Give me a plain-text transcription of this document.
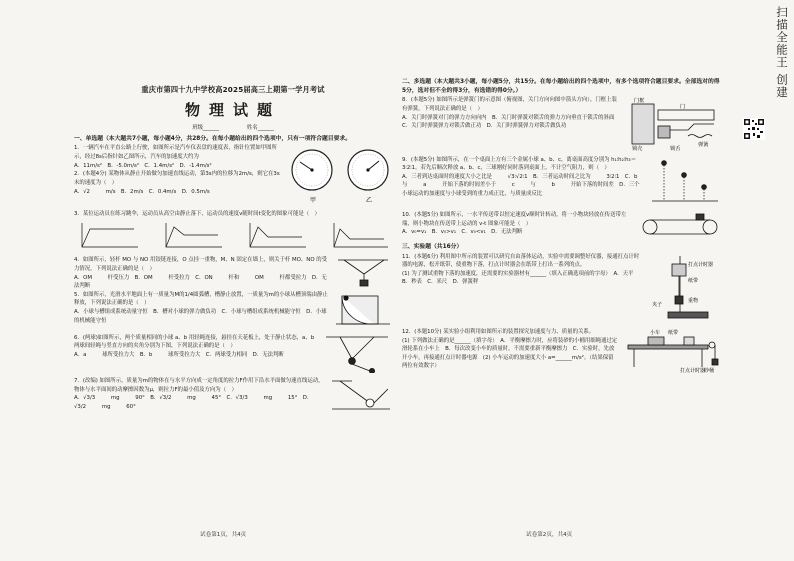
重庆市第四十九中学校高2025届高三上期第一学月考试
物理试题
班级______ 姓名______
一、单选题（本大题共7小题，每小题4分，共28分。在每小题给出的四个选项中，只有一项符合题目要求。

1．一辆汽车在平直公路上行驶，如图所示是汽车仪表盘的速度表，指针位置如甲图所示，经过8s后指针如乙图所示，汽车的加速度大约为

A．11m/s²　B．-5.0m/s²　C．1.4m/s²　D．-1.4m/s²

2．(本题4分) 某物体从静止开始做匀加速直线运动，第3s内的位移为2m/s，则它在3s末的速度为（　）

A．√2 m/s　B．2m/s　C．0.4m/s　D．0.5m/s

甲	乙

3．某位运动员在练习跳伞，运动员从高空由静止落下，运动员的速度v随时间t变化的图象可能是（　）

4．如图所示，轻杆 MO 与 NO 用铰链连接，O 点挂一重物，M、N 固定在墙上，则关于杆 MO、NO 的受力情况，下列说法正确的是（　）

A．OM 杆受压力　B．OM 杆受拉力　C．ON 杆和 OM 杆都受拉力　D．无法判断

5．如图所示，光滑水平地面上有一质量为M的1/4圆弧槽，槽静止放置，一质量为m的小球从槽顶端由静止释放，下列说法正确的是（　）

A．小球与槽组成系统动量守恒　B．槽对小球的弹力做负功　C．小球与槽组成系统机械能守恒　D．小球的机械能守恒

6．(两球)如图所示，两个质量相同的小球 a、b 用轻绳连接，悬挂在天花板上，处于静止状态，a、b 两球间轻绳与竖直方向的夹角分别为下图，下列说法正确的是（　）

A．a 球所受拉力大　B．b 球所受拉力大　C．两球受力相同　D．无法判断

7．(改编) 如图所示，质量为m的物体在与水平方向成一定角度的拉力F作用下沿水平面做匀速直线运动，物体与水平面间的动摩擦因数为μ，则拉力F的最小值及方向为（　）

A．√3/3 mg 90°　B．√3/2 mg 45°　C．√3/3 mg 15°　D．√3/2 mg 60°

二、多选题（本大题共3小题，每小题5分，共15分。在每小题给出的四个选项中，有多个选项符合题目要求。全部选对的得5分，选对但不全的得3分，有选错的得0分。）

8．(本题5分) 如图所示是弹簧门的示意图（俯视图，关门方向向图中箭头方向），门框上装有弹簧，下列说法正确的是（　）

A．关门时弹簧对门的弹力方向向内　B．关门时弹簧对锁舌的弹力方向垂直于锁舌的斜面　C．关门时弹簧弹力对锁舌做正功　D．关门时弹簧弹力对锁舌做负功

门框
门
弹簧
锁舌
锁壳

9．(本题5分) 如图所示，在一个桌面上方有三个金属小球 a、b、c，离桌面高度分别为 h₁∶h₂∶h₃＝3∶2∶1。若先后顺次释放 a、b、c，三球刚好同时落到桌面上，不计空气阻力，则（　）

A．三者到达桌面时的速度大小之比是 √3∶√2∶1　B．三者运动时间之比为 3∶2∶1　C．b 与 a 开始下落的时间差小于 c 与 b 开始下落的时间差　D．三个小球运动的加速度与小球受到的重力成正比，与质量成反比

10．(本题5分) 如图所示，一水平传送带以恒定速度v顺时针转动，将一小物块轻放在传送带左端，则小物块在传送带上运动的 v-t 图象可能是（　）

A．v₀=v₁　B．v₀>v₁　C．v₀<v₁　D．无法判断

三、实验题（共16分）

11．(本题6分) 利用图中所示的装置可以研究自由落体运动，实验中需要调整好仪器，接通打点计时器的电源，松开纸带，使重物下落，打点计时器会在纸带上打出一系列的点。

(1) 为了测试重物下落的加速度，还需要的实验器材有______（填入正确选项前的字母）　A．天平　B．秒表　C．米尺　D．弹簧秤

打点计时器
纸带
重物
夹子

12．(本题10分) 某实验小组利用如图所示的装置探究加速度与力、质量的关系。

(1) 下列做法正确的是______（填字母）　A．平衡摩擦力时，应将装砂的小桶用细绳通过定滑轮系在小车上　B．每次改变小车的质量时，不需要重新平衡摩擦力　C．实验时，先放开小车，再接通打点计时器电源　(2) 小车运动的加速度大小 a=______m/s²。（结果保留两位有效数字）

小车 纸带
打点计时器
砂桶
试卷第1页，共4页	试卷第2页，共4页
扫描全能王 创建
